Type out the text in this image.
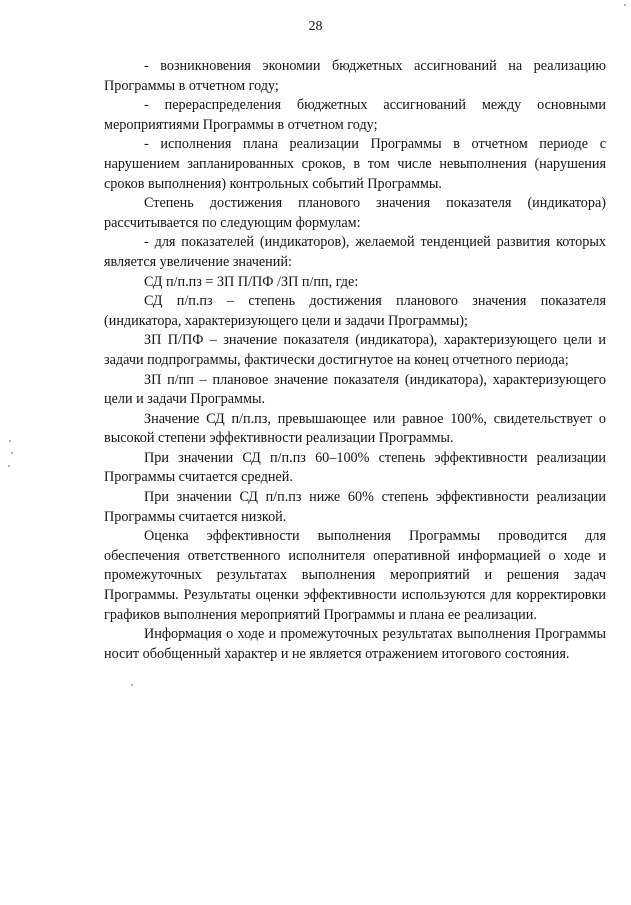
28

- возникновения экономии бюджетных ассигнований на реализацию Программы в отчетном году;

- перераспределения бюджетных ассигнований между основными мероприятиями Программы в отчетном году;

- исполнения плана реализации Программы в отчетном периоде с нарушением запланированных сроков, в том числе невыполнения (нарушения сроков выполнения) контрольных событий Программы.

Степень достижения планового значения показателя (индикатора) рассчитывается по следующим формулам:

- для показателей (индикаторов), желаемой тенденцией развития которых является увеличение значений:

СД п/п.пз = ЗП П/ПФ /ЗП п/пп, где:

СД п/п.пз – степень достижения планового значения показателя (индикатора, характеризующего цели и задачи Программы);

ЗП П/ПФ – значение показателя (индикатора), характеризующего цели и задачи подпрограммы, фактически достигнутое на конец отчетного периода;

ЗП п/пп – плановое значение показателя (индикатора), характеризующего цели и задачи Программы.

Значение СД п/п.пз, превышающее или равное 100%, свидетельствует о высокой степени эффективности реализации Программы.

При значении СД п/п.пз 60–100% степень эффективности реализации Программы считается средней.

При значении СД п/п.пз ниже 60% степень эффективности реализации Программы считается низкой.

Оценка эффективности выполнения Программы проводится для обеспечения ответственного исполнителя оперативной информацией о ходе и промежуточных результатах выполнения мероприятий и решения задач Программы. Результаты оценки эффективности используются для корректировки графиков выполнения мероприятий Программы и плана ее реализации.

Информация о ходе и промежуточных результатах выполнения Программы носит обобщенный характер и не является отражением итогового состояния.
